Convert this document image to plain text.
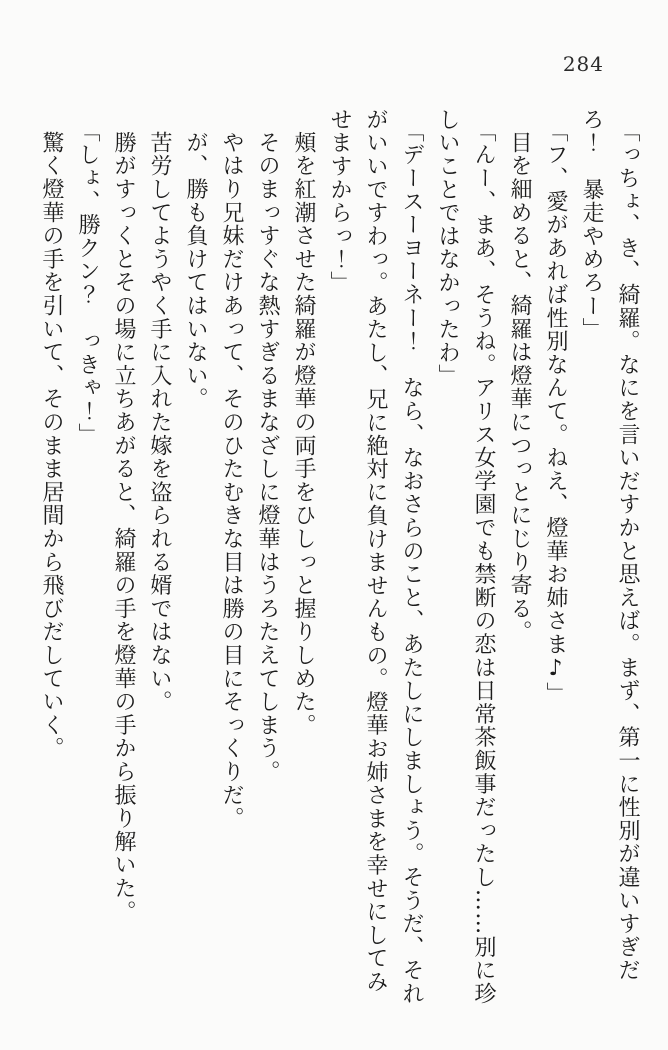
284
「っちょ、き、綺羅。なにを言いだすかと思えば。まず、第一に性別が違いすぎだ
ろ！　暴走やめろー」
「フ、愛があれば性別なんて。ねえ、燈華お姉さま♪」
目を細めると、綺羅は燈華につっとにじり寄る。
「んー、まあ、そうね。アリス女学園でも禁断の恋は日常茶飯事だったし……別に珍
しいことではなかったわ」
「デースーヨーネー！　なら、なおさらのこと、あたしにしましょう。そうだ、それ
がいいですわっ。あたし、兄に絶対に負けませんもの。燈華お姉さまを幸せにしてみ
せますからっ！」
頰を紅潮させた綺羅が燈華の両手をひしっと握りしめた。
そのまっすぐな熱すぎるまなざしに燈華はうろたえてしまう。
やはり兄妹だけあって、そのひたむきな目は勝の目にそっくりだ。
が、勝も負けてはいない。
苦労してようやく手に入れた嫁を盗られる婿ではない。
勝がすっくとその場に立ちあがると、綺羅の手を燈華の手から振り解いた。
「しょ、勝クン？　っきゃ！」
驚く燈華の手を引いて、そのまま居間から飛びだしていく。
